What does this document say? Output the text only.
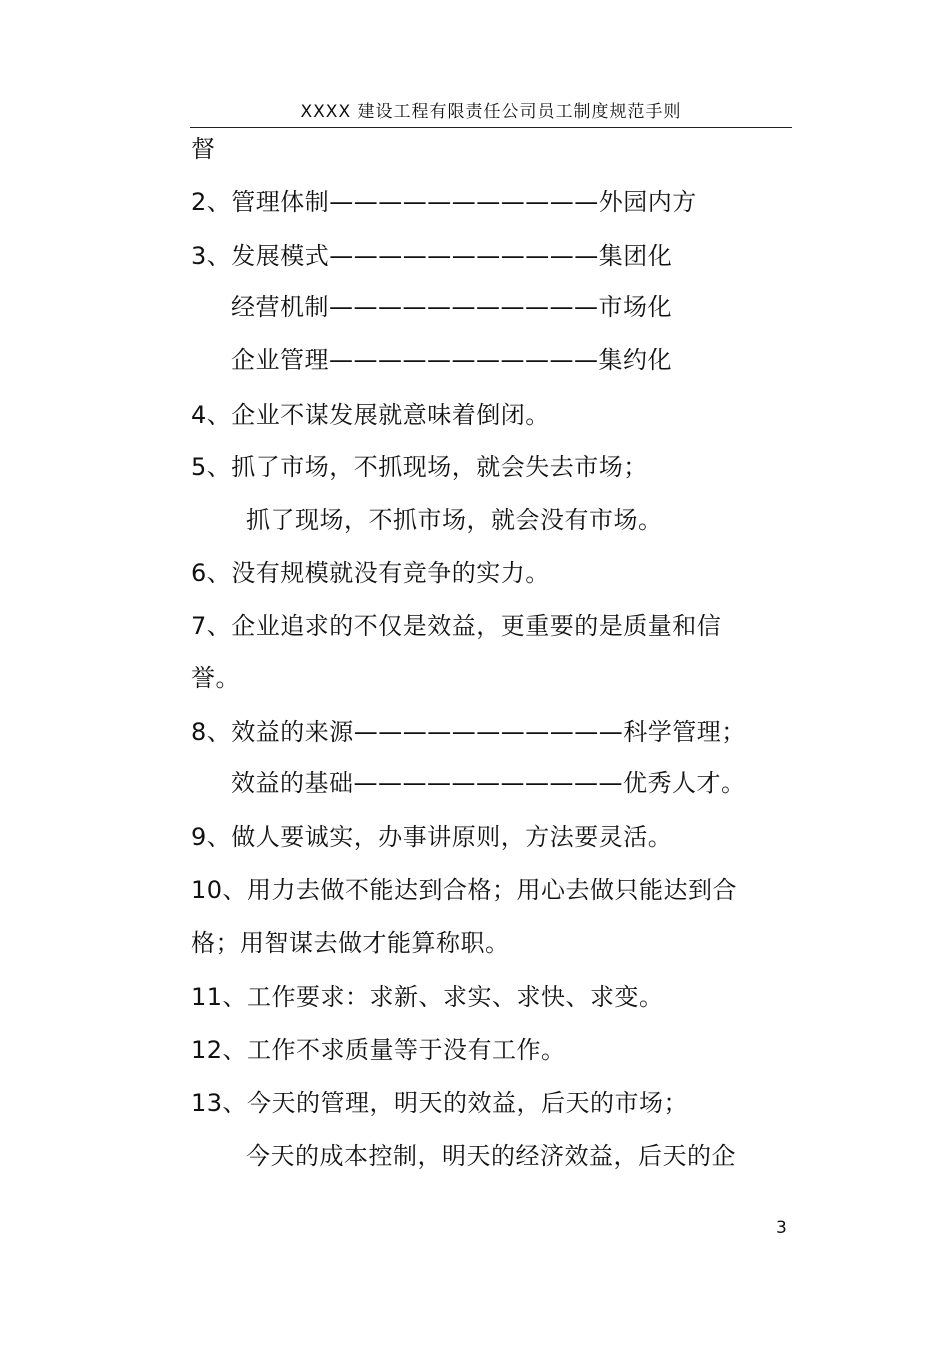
XXXX 建设工程有限责任公司员工制度规范手则
督
2、管理体制———————————外园内方
3、发展模式———————————集团化
经营机制———————————市场化
企业管理———————————集约化
4、企业不谋发展就意味着倒闭。
5、抓了市场，不抓现场，就会失去市场；
抓了现场，不抓市场，就会没有市场。
6、没有规模就没有竞争的实力。
7、企业追求的不仅是效益，更重要的是质量和信
誉。
8、效益的来源———————————科学管理；
效益的基础———————————优秀人才。
9、做人要诚实，办事讲原则，方法要灵活。
10、用力去做不能达到合格；用心去做只能达到合
格；用智谋去做才能算称职。
11、工作要求：求新、求实、求快、求变。
12、工作不求质量等于没有工作。
13、今天的管理，明天的效益，后天的市场；
今天的成本控制，明天的经济效益，后天的企
3
